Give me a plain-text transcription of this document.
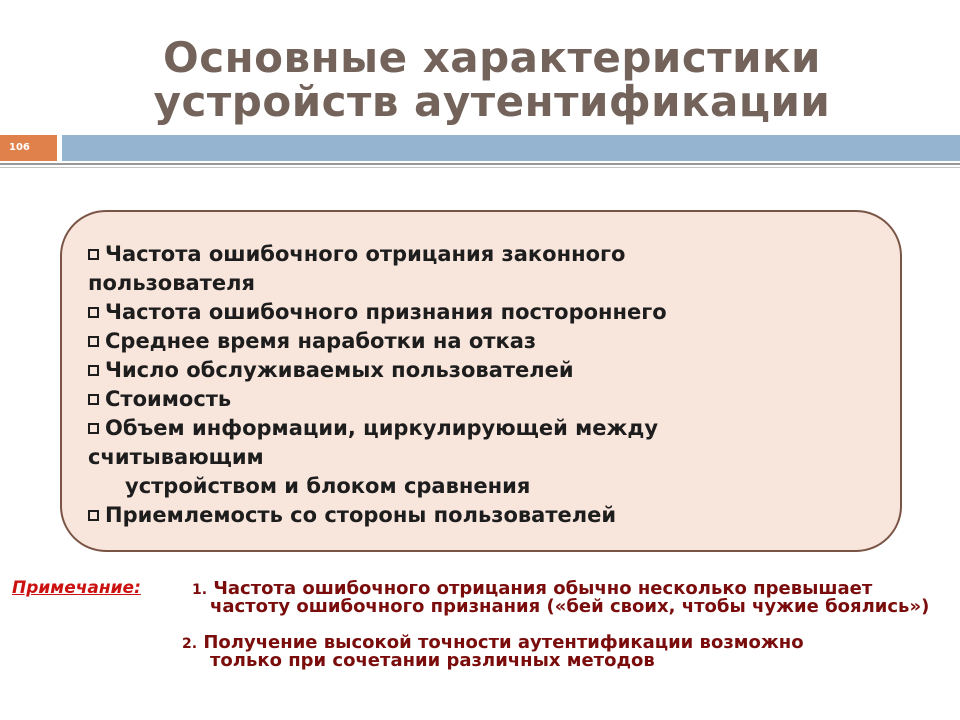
Основные характеристики
устройств аутентификации
106
Частота ошибочного отрицания законного
пользователя
Частота ошибочного признания постороннего
Среднее время наработки на отказ
Число обслуживаемых пользователей
Стоимость
Объем информации, циркулирующей между
считывающим
устройством и блоком сравнения
Приемлемость со стороны пользователей
Примечание:	1. Частота ошибочного отрицания обычно несколько превышает
частоту ошибочного признания («бей своих, чтобы чужие боялись»)
2. Получение высокой точности аутентификации возможно
только при сочетании различных методов
